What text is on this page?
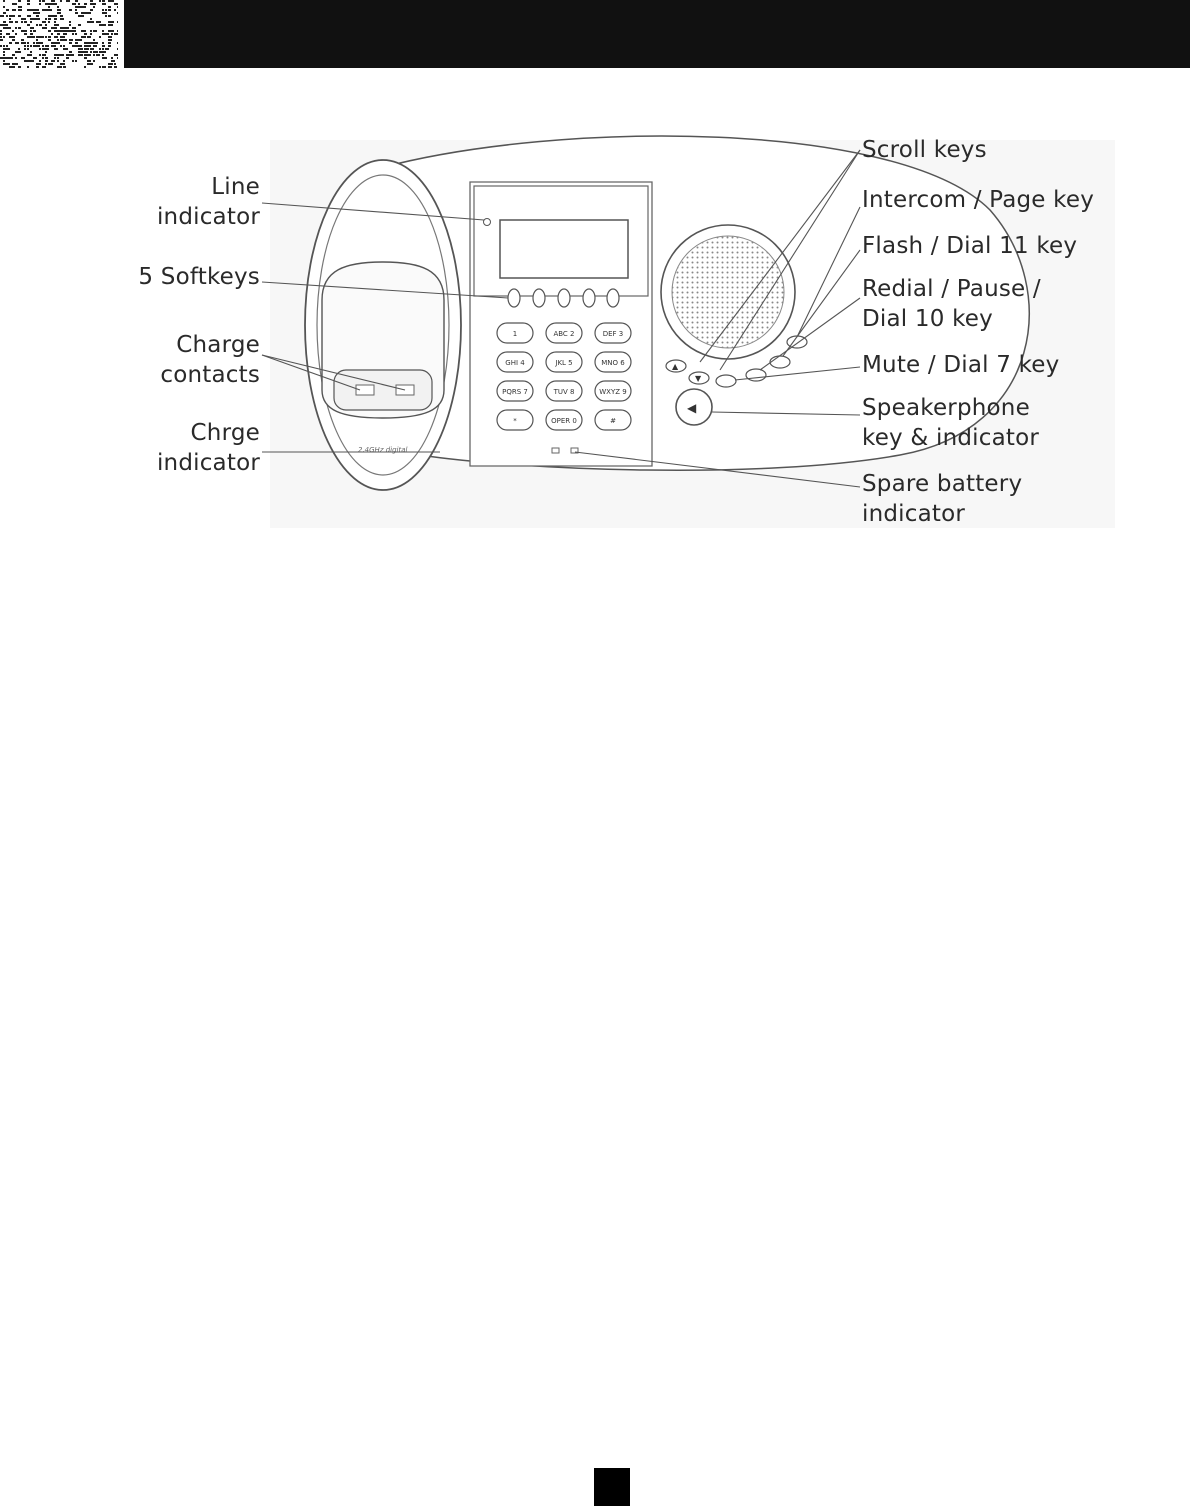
2.4GHz digital
1	ABC 2	DEF 3
GHI 4	JKL 5	MNO 6
PQRS 7	TUV 8	WXYZ 9
*	OPER 0	#
▲
▼
◀
Line
indicator
5 Softkeys
Charge
contacts
Chrge
indicator
Scroll keys
Intercom / Page key
Flash / Dial 11 key
Redial / Pause /
Dial 10 key
Mute / Dial 7 key
Speakerphone
key & indicator
Spare battery
indicator
